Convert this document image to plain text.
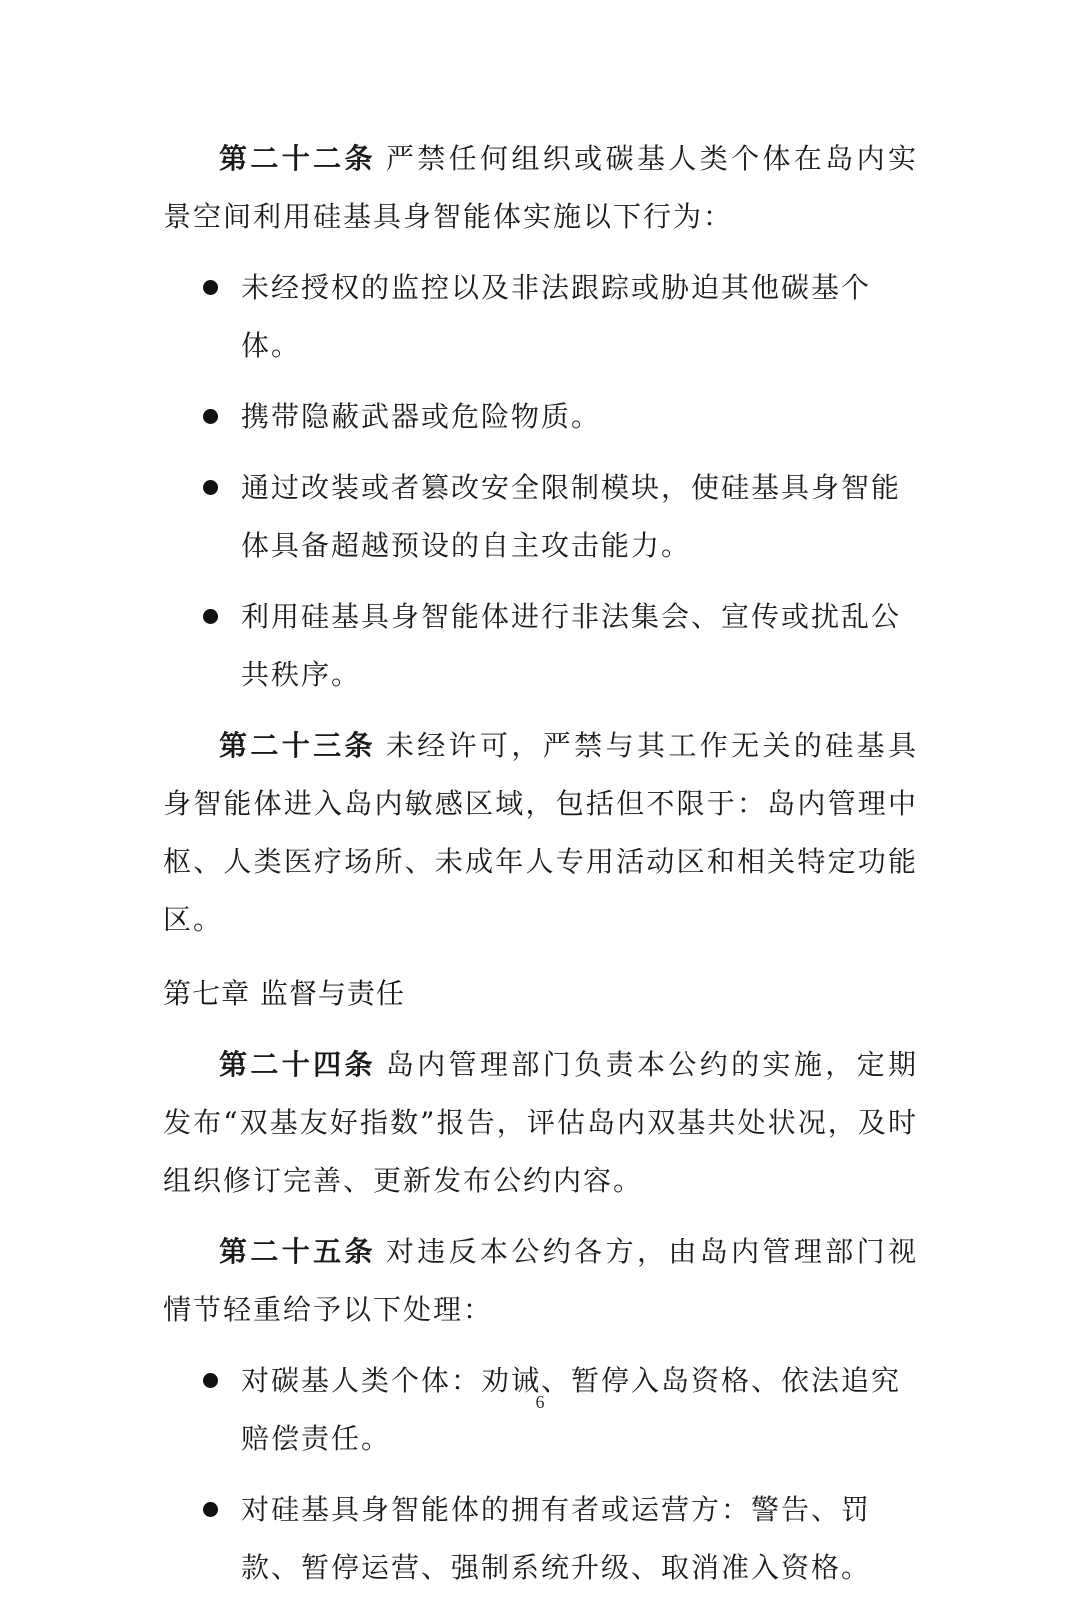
第二十二条 严禁任何组织或碳基人类个体在岛内实景空间利用硅基具身智能体实施以下行为：

未经授权的监控以及非法跟踪或胁迫其他碳基个体。

携带隐蔽武器或危险物质。

通过改装或者篡改安全限制模块，使硅基具身智能体具备超越预设的自主攻击能力。

利用硅基具身智能体进行非法集会、宣传或扰乱公共秩序。

第二十三条 未经许可，严禁与其工作无关的硅基具身智能体进入岛内敏感区域，包括但不限于：岛内管理中枢、人类医疗场所、未成年人专用活动区和相关特定功能区。

第七章 监督与责任

第二十四条 岛内管理部门负责本公约的实施，定期发布“双基友好指数”报告，评估岛内双基共处状况，及时组织修订完善、更新发布公约内容。

第二十五条 对违反本公约各方，由岛内管理部门视情节轻重给予以下处理：

对碳基人类个体：劝诫、暂停入岛资格、依法追究赔偿责任。

对硅基具身智能体的拥有者或运营方：警告、罚款、暂停运营、强制系统升级、取消准入资格。

6
